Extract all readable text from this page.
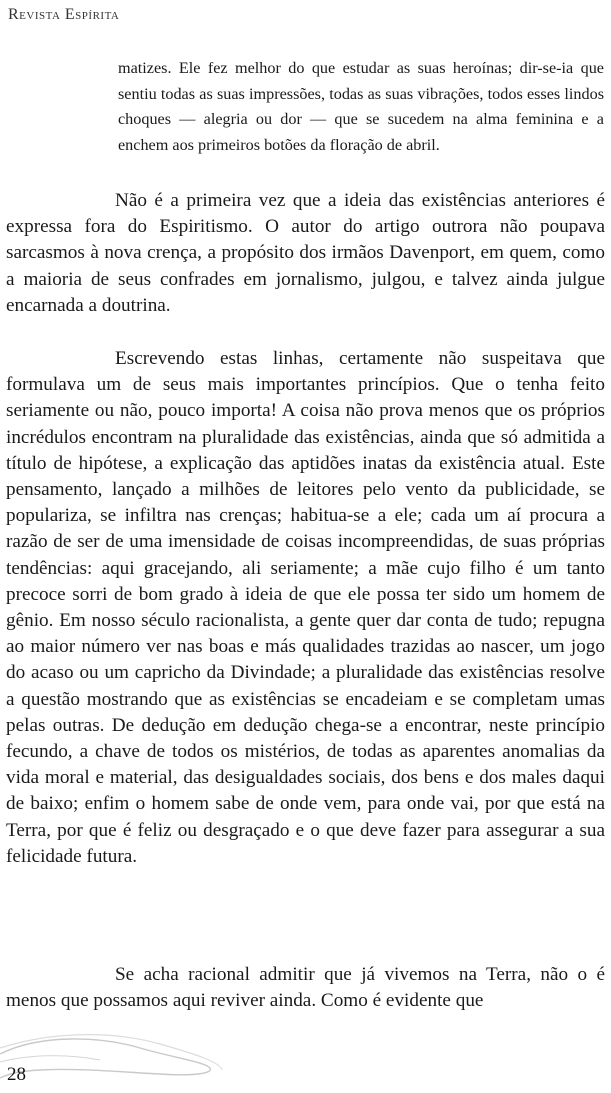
Revista Espírita

matizes. Ele fez melhor do que estudar as suas heroínas; dir-se-ia que sentiu todas as suas impressões, todas as suas vibrações, todos esses lindos choques — alegria ou dor — que se sucedem na alma feminina e a enchem aos primeiros botões da floração de abril.

Não é a primeira vez que a ideia das existências anteriores é expressa fora do Espiritismo. O autor do artigo outrora não poupava sarcasmos à nova crença, a propósito dos irmãos Davenport, em quem, como a maioria de seus confrades em jornalismo, julgou, e talvez ainda julgue encarnada a doutrina.

Escrevendo estas linhas, certamente não suspeitava que formulava um de seus mais importantes princípios. Que o tenha feito seriamente ou não, pouco importa! A coisa não prova menos que os próprios incrédulos encontram na pluralidade das existências, ainda que só admitida a título de hipótese, a explicação das aptidões inatas da existência atual. Este pensamento, lançado a milhões de leitores pelo vento da publicidade, se populariza, se infiltra nas crenças; habitua-se a ele; cada um aí procura a razão de ser de uma imensidade de coisas incompreendidas, de suas próprias tendências: aqui gracejando, ali seriamente; a mãe cujo filho é um tanto precoce sorri de bom grado à ideia de que ele possa ter sido um homem de gênio. Em nosso século racionalista, a gente quer dar conta de tudo; repugna ao maior número ver nas boas e más qualidades trazidas ao nascer, um jogo do acaso ou um capricho da Divindade; a pluralidade das existências resolve a questão mostrando que as existências se encadeiam e se completam umas pelas outras. De dedução em dedução chega-se a encontrar, neste princípio fecundo, a chave de todos os mistérios, de todas as aparentes anomalias da vida moral e material, das desigualdades sociais, dos bens e dos males daqui de baixo; enfim o homem sabe de onde vem, para onde vai, por que está na Terra, por que é feliz ou desgraçado e o que deve fazer para assegurar a sua felicidade futura.

Se acha racional admitir que já vivemos na Terra, não o é menos que possamos aqui reviver ainda. Como é evidente que

28
